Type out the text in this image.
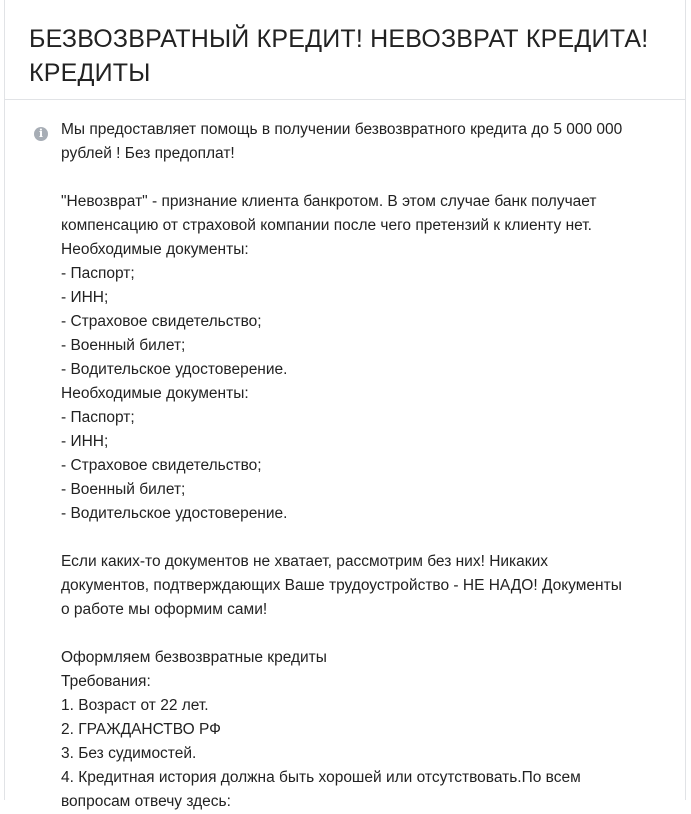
БЕЗВОЗВРАТНЫЙ КРЕДИТ! НЕВОЗВРАТ КРЕДИТА! КРЕДИТЫ
i	Мы предоставляет помощь в получении безвозвратного кредита до 5 000 000

рублей ! Без предоплат!

"Невозврат" - признание клиента банкротом. В этом случае банк получает

компенсацию от страховой компании после чего претензий к клиенту нет.

Необходимые документы:

- Паспорт;

- ИНН;

- Страховое свидетельство;

- Военный билет;

- Водительское удостоверение.

Необходимые документы:

- Паспорт;

- ИНН;

- Страховое свидетельство;

- Военный билет;

- Водительское удостоверение.

Если каких-то документов не хватает, рассмотрим без них! Никаких

документов, подтверждающих Ваше трудоустройство - НЕ НАДО! Документы

о работе мы оформим сами!

Оформляем безвозвратные кредиты

Требования:

1. Возраст от 22 лет.

2. ГРАЖДАНСТВО РФ

3. Без судимостей.

4. Кредитная история должна быть хорошей или отсутствовать.По всем

вопросам отвечу здесь:
